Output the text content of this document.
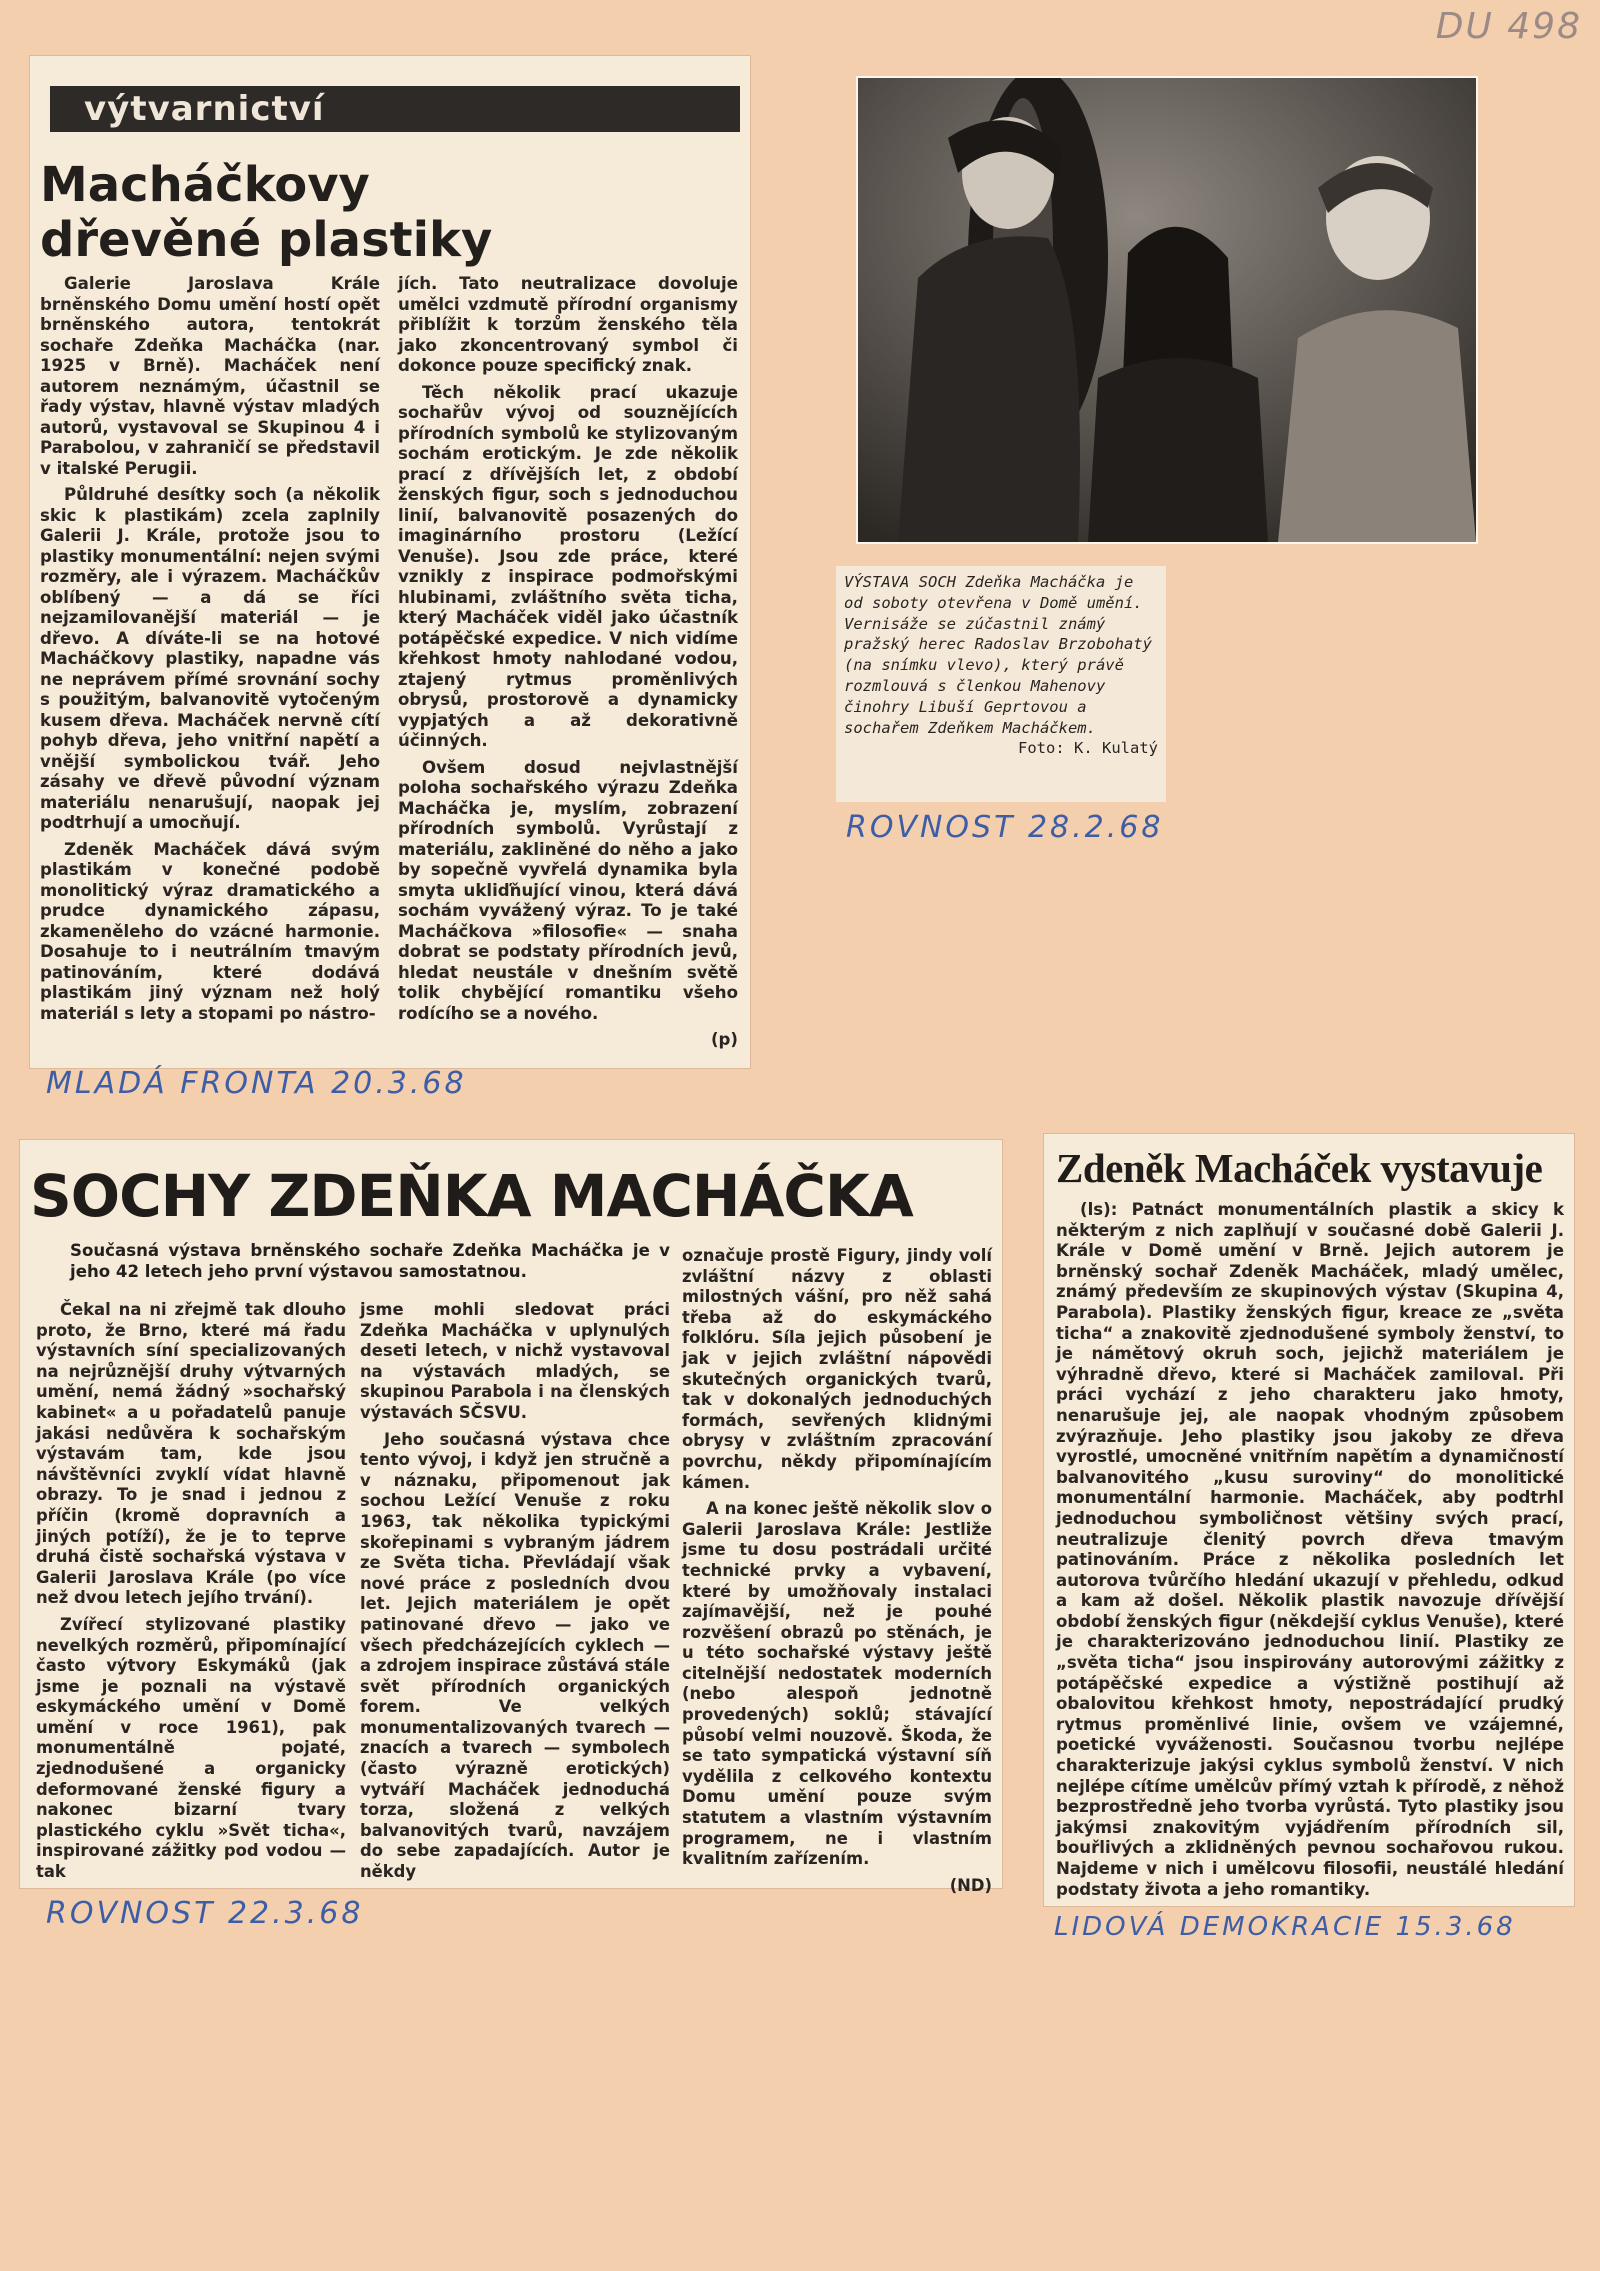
DU 498
výtvarnictví
Macháčkovy
dřevěné plastiky

Galerie Jaroslava Krále brněnského Domu umění hostí opět brněnského autora, tentokrát sochaře Zdeňka Macháčka (nar. 1925 v Brně). Macháček není autorem neznámým, účastnil se řady výstav, hlavně výstav mladých autorů, vystavoval se Skupinou 4 i Parabolou, v zahraničí se představil v italské Perugii.

Půldruhé desítky soch (a několik skic k plastikám) zcela zaplnily Galerii J. Krále, protože jsou to plastiky monumentální: nejen svými rozměry, ale i výrazem. Macháčkův oblíbený — a dá se říci nejzamilovanější materiál — je dřevo. A díváte-li se na hotové Macháčkovy plastiky, napadne vás ne neprávem přímé srovnání sochy s použitým, balvanovitě vytočeným kusem dřeva. Macháček nervně cítí pohyb dřeva, jeho vnitřní napětí a vnější symbolickou tvář. Jeho zásahy ve dřevě původní význam materiálu nenarušují, naopak jej podtrhují a umocňují.

Zdeněk Macháček dává svým plastikám v konečné podobě monolitický výraz dramatického a prudce dynamického zápasu, zkameněleho do vzácné harmonie. Dosahuje to i neutrálním tmavým patinováním, které dodává plastikám jiný význam než holý materiál s lety a stopami po nástro-

jích. Tato neutralizace dovoluje umělci vzdmutě přírodní organismy přiblížit k torzům ženského těla jako zkoncentrovaný symbol či dokonce pouze specifický znak.

Těch několik prací ukazuje sochařův vývoj od souznějících přírodních symbolů ke stylizovaným sochám erotickým. Je zde několik prací z dřívějších let, z období ženských figur, soch s jednoduchou linií, balvanovitě posazených do imaginárního prostoru (Ležící Venuše). Jsou zde práce, které vznikly z inspirace podmořskými hlubinami, zvláštního světa ticha, který Macháček viděl jako účastník potápěčské expedice. V nich vidíme křehkost hmoty nahlodané vodou, ztajený rytmus proměnlivých obrysů, prostorově a dynamicky vypjatých a až dekorativně účinných.

Ovšem dosud nejvlastnější poloha sochařského výrazu Zdeňka Macháčka je, myslím, zobrazení přírodních symbolů. Vyrůstají z materiálu, zakliněné do něho a jako by sopečně vyvřelá dynamika byla smyta ukliďňující vinou, která dává sochám vyvážený výraz. To je také Macháčkova »filosofie« — snaha dobrat se podstaty přírodních jevů, hledat neustále v dnešním světě tolik chybějící romantiku všeho rodícího se a nového.

(p)
MLADÁ FRONTA 20.3.68
VÝSTAVA SOCH Zdeňka Macháčka je od soboty otevřena v Domě umění. Vernisáže se zúčastnil známý pražský herec Radoslav Brzobohatý (na snímku vlevo), který právě rozmlouvá s členkou Mahenovy činohry Libuší Geprtovou a sochařem Zdeňkem Macháčkem.
Foto: K. Kulatý
ROVNOST 28.2.68
SOCHY ZDEŇKA MACHÁČKA
Současná výstava brněnského sochaře Zdeňka Macháčka je v jeho 42 letech jeho první výstavou samostatnou.

Čekal na ni zřejmě tak dlouho proto, že Brno, které má řadu výstavních síní specializovaných na nejrůznější druhy výtvarných umění, nemá žádný »sochařský kabinet« a u pořadatelů panuje jakási nedůvěra k sochařským výstavám tam, kde jsou návštěvníci zvyklí vídat hlavně obrazy. To je snad i jednou z příčin (kromě dopravních a jiných potíží), že je to teprve druhá čistě sochařská výstava v Galerii Jaroslava Krále (po více než dvou letech jejího trvání).

Zvířecí stylizované plastiky nevelkých rozměrů, připomínající často výtvory Eskymáků (jak jsme je poznali na výstavě eskymáckého umění v Domě umění v roce 1961), pak monumentálně pojaté, zjednodušené a organicky deformované ženské figury a nakonec bizarní tvary plastického cyklu »Svět ticha«, inspirované zážitky pod vodou — tak

jsme mohli sledovat práci Zdeňka Macháčka v uplynulých deseti letech, v nichž vystavoval na výstavách mladých, se skupinou Parabola i na členských výstavách SČSVU.

Jeho současná výstava chce tento vývoj, i když jen stručně a v náznaku, připomenout jak sochou Ležící Venuše z roku 1963, tak několika typickými skořepinami s vybraným jádrem ze Světa ticha. Převládají však nové práce z posledních dvou let. Jejich materiálem je opět patinované dřevo — jako ve všech předcházejících cyklech — a zdrojem inspirace zůstává stále svět přírodních organických forem. Ve velkých monumentalizovaných tvarech — znacích a tvarech — symbolech (často výrazně erotických) vytváří Macháček jednoduchá torza, složená z velkých balvanovitých tvarů, navzájem do sebe zapadajících. Autor je někdy

označuje prostě Figury, jindy volí zvláštní názvy z oblasti milostných vášní, pro něž sahá třeba až do eskymáckého folklóru. Síla jejich působení je jak v jejich zvláštní nápovědi skutečných organických tvarů, tak v dokonalých jednoduchých formách, sevřených klidnými obrysy v zvláštním zpracování povrchu, někdy připomínajícím kámen.

A na konec ještě několik slov o Galerii Jaroslava Krále: Jestliže jsme tu dosu postrádali určité technické prvky a vybavení, které by umožňovaly instalaci zajímavější, než je pouhé rozvěšení obrazů po stěnách, je u této sochařské výstavy ještě citelnější nedostatek moderních (nebo alespoň jednotně provedených) soklů; stávající působí velmi nouzově. Škoda, že se tato sympatická výstavní síň vydělila z celkového kontextu Domu umění pouze svým statutem a vlastním výstavním programem, ne i vlastním kvalitním zařízením.

(ND)
ROVNOST 22.3.68
Zdeněk Macháček vystavuje

(ls): Patnáct monumentálních plastik a skicy k některým z nich zaplňují v současné době Galerii J. Krále v Domě umění v Brně. Jejich autorem je brněnský sochař Zdeněk Macháček, mladý umělec, známý především ze skupinových výstav (Skupina 4, Parabola). Plastiky ženských figur, kreace ze „světa ticha“ a znakovitě zjednodušené symboly ženství, to je námětový okruh soch, jejichž materiálem je výhradně dřevo, které si Macháček zamiloval. Při práci vychází z jeho charakteru jako hmoty, nenarušuje jej, ale naopak vhodným způsobem zvýrazňuje. Jeho plastiky jsou jakoby ze dřeva vyrostlé, umocněné vnitřním napětím a dynamičností balvanovitého „kusu suroviny“ do monolitické monumentální harmonie. Macháček, aby podtrhl jednoduchou symboličnost většiny svých prací, neutralizuje členitý povrch dřeva tmavým patinováním. Práce z několika posledních let autorova tvůrčího hledání ukazují v přehledu, odkud a kam až došel. Několik plastik navozuje dřívější období ženských figur (někdejší cyklus Venuše), které je charakterizováno jednoduchou linií. Plastiky ze „světa ticha“ jsou inspirovány autorovými zážitky z potápěčské expedice a výstižně postihují až obalovitou křehkost hmoty, nepostrádající prudký rytmus proměnlivé linie, ovšem ve vzájemné, poetické vyváženosti. Současnou tvorbu nejlépe charakterizuje jakýsi cyklus symbolů ženství. V nich nejlépe cítíme umělcův přímý vztah k přírodě, z něhož bezprostředně jeho tvorba vyrůstá. Tyto plastiky jsou jakýmsi znakovitým vyjádřením přírodních sil, bouřlivých a zklidněných pevnou sochařovou rukou. Najdeme v nich i umělcovu filosofii, neustálé hledání podstaty života a jeho romantiky.

LIDOVÁ DEMOKRACIE 15.3.68
